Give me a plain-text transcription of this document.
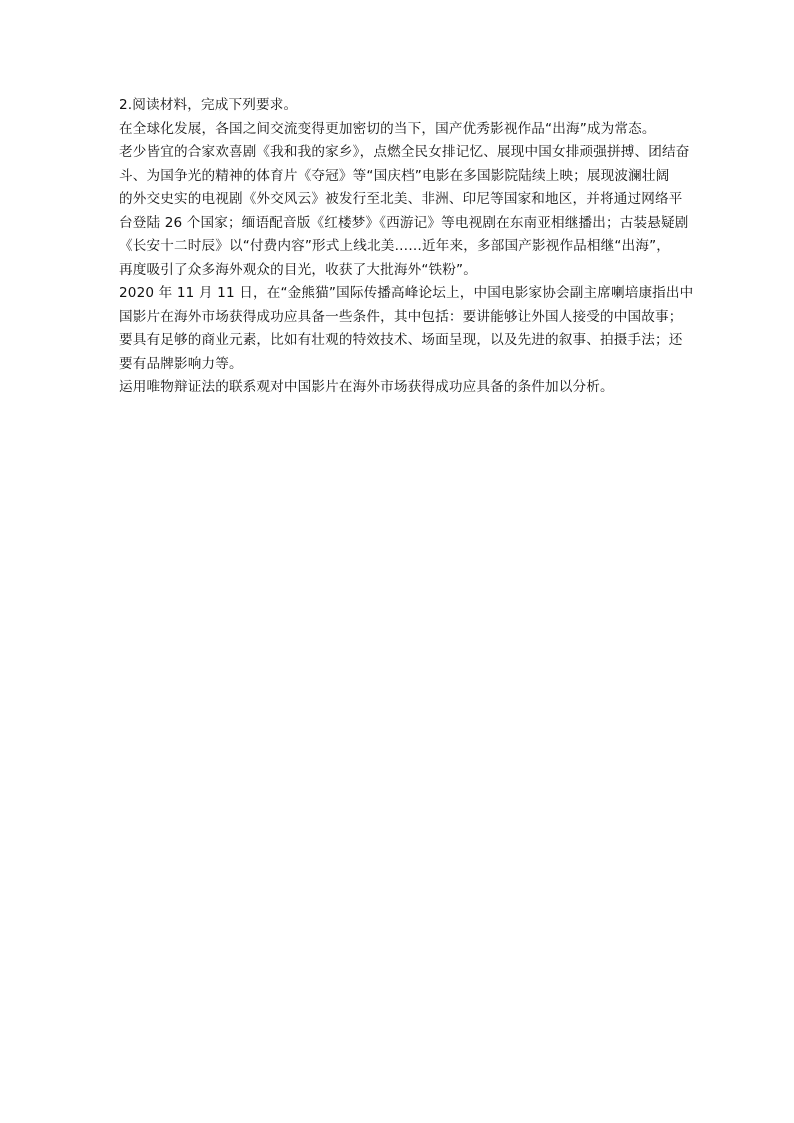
2.阅读材料，完成下列要求。

在全球化发展，各国之间交流变得更加密切的当下，国产优秀影视作品“出海”成为常态。

老少皆宜的合家欢喜剧《我和我的家乡》，点燃全民女排记忆、展现中国女排顽强拼搏、团结奋

斗、为国争光的精神的体育片《夺冠》等“国庆档”电影在多国影院陆续上映；展现波澜壮阔

的外交史实的电视剧《外交风云》被发行至北美、非洲、印尼等国家和地区，并将通过网络平

台登陆 26 个国家；缅语配音版《红楼梦》《西游记》等电视剧在东南亚相继播出；古装悬疑剧

《长安十二时辰》以“付费内容”形式上线北美……近年来，多部国产影视作品相继“出海”，

再度吸引了众多海外观众的目光，收获了大批海外“铁粉”。

2020 年 11 月 11 日，在“金熊猫”国际传播高峰论坛上，中国电影家协会副主席喇培康指出中

国影片在海外市场获得成功应具备一些条件，其中包括：要讲能够让外国人接受的中国故事；

要具有足够的商业元素，比如有壮观的特效技术、场面呈现，以及先进的叙事、拍摄手法；还

要有品牌影响力等。

运用唯物辩证法的联系观对中国影片在海外市场获得成功应具备的条件加以分析。
